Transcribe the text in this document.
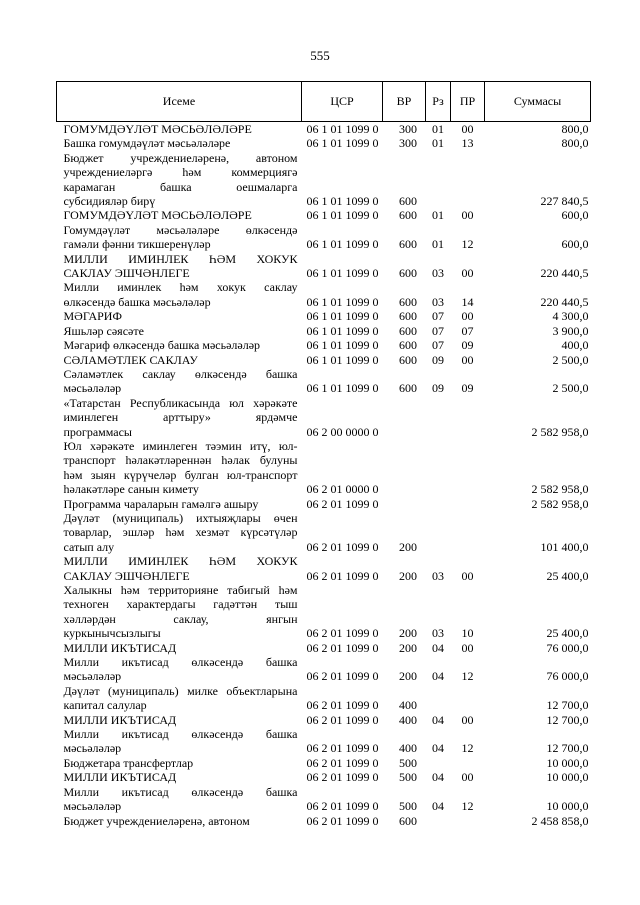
555
Исеме	ЦСР	ВР	Рз	ПР	Суммасы

ГОМУМДӘҮЛӘТ МӘСЬӘЛӘЛӘРЕ	06 1 01 1099 0	300	01	00	800,0

Башка гомумдәүләт мәсьәләләре	06 1 01 1099 0	300	01	13	800,0

Бюджет учреждениеләренә, автоном
учреждениеләргә һәм коммерциягә
карамаган башка оешмаларга
субсидияләр бирү	06 1 01 1099 0	600			227 840,5

ГОМУМДӘҮЛӘТ МӘСЬӘЛӘЛӘРЕ	06 1 01 1099 0	600	01	00	600,0

Гомумдәүләт мәсьәләләре өлкәсендә
гамәли фәнни тикшеренүләр	06 1 01 1099 0	600	01	12	600,0

МИЛЛИ ИМИНЛЕК ҺӘМ ХОКУК
САКЛАУ ЭШЧӘНЛЕГЕ	06 1 01 1099 0	600	03	00	220 440,5

Милли иминлек һәм хокук саклау
өлкәсендә башка мәсьәләләр	06 1 01 1099 0	600	03	14	220 440,5

МӘГАРИФ	06 1 01 1099 0	600	07	00	4 300,0

Яшьләр сәясәте	06 1 01 1099 0	600	07	07	3 900,0

Мәгариф өлкәсендә башка мәсьәләләр	06 1 01 1099 0	600	07	09	400,0

СӘЛАМӘТЛЕК САКЛАУ	06 1 01 1099 0	600	09	00	2 500,0

Сәламәтлек саклау өлкәсендә башка
мәсьәләләр	06 1 01 1099 0	600	09	09	2 500,0

«Татарстан Республикасында юл хәрәкәте
иминлеген арттыру» ярдәмче
программасы	06 2 00 0000 0				2 582 958,0

Юл хәрәкәте иминлеген тәэмин итү, юл-
транспорт һәлакәтләреннән һәлак булуны
һәм зыян күрүчеләр булган юл-транспорт
һәлакәтләре санын кимету	06 2 01 0000 0				2 582 958,0

Программа чараларын гамәлгә ашыру	06 2 01 1099 0				2 582 958,0

Дәүләт (муниципаль) ихтыяҗлары өчен
товарлар, эшләр һәм хезмәт күрсәтүләр
сатып алу	06 2 01 1099 0	200			101 400,0

МИЛЛИ ИМИНЛЕК ҺӘМ ХОКУК
САКЛАУ ЭШЧӘНЛЕГЕ	06 2 01 1099 0	200	03	00	25 400,0

Халыкны һәм территорияне табигый һәм
техноген характердагы гадәттән тыш
хәлләрдән саклау, янгын
куркынычсызлыгы	06 2 01 1099 0	200	03	10	25 400,0

МИЛЛИ ИКЪТИСАД	06 2 01 1099 0	200	04	00	76 000,0

Милли икътисад өлкәсендә башка
мәсьәләләр	06 2 01 1099 0	200	04	12	76 000,0

Дәүләт (муниципаль) милке объектларына
капитал салулар	06 2 01 1099 0	400			12 700,0

МИЛЛИ ИКЪТИСАД	06 2 01 1099 0	400	04	00	12 700,0

Милли икътисад өлкәсендә башка
мәсьәләләр	06 2 01 1099 0	400	04	12	12 700,0

Бюджетара трансфертлар	06 2 01 1099 0	500			10 000,0

МИЛЛИ ИКЪТИСАД	06 2 01 1099 0	500	04	00	10 000,0

Милли икътисад өлкәсендә башка
мәсьәләләр	06 2 01 1099 0	500	04	12	10 000,0

Бюджет учреждениеләренә, автоном	06 2 01 1099 0	600			2 458 858,0
